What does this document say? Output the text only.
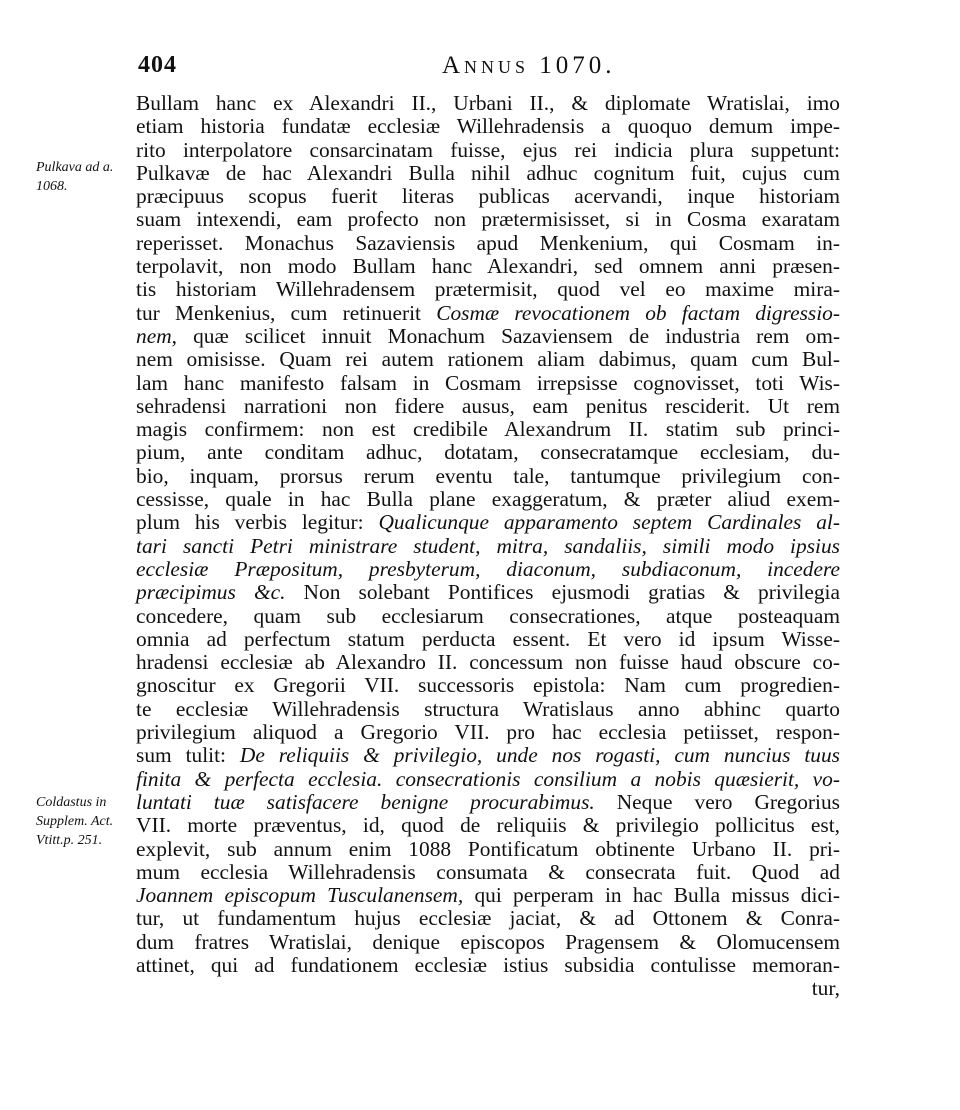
404	Annus 1070.
Pulkava ad a.
1068.
Coldastus in
Supplem. Act.
Vtitt.p. 251.
Bullam hanc ex Alexandri II., Urbani II., & diplomate Wratislai, imo
etiam historia fundatæ ecclesiæ Willehradensis a quoquo demum impe-
rito interpolatore consarcinatam fuisse, ejus rei indicia plura suppetunt:
Pulkavæ de hac Alexandri Bulla nihil adhuc cognitum fuit, cujus cum
præcipuus scopus fuerit literas publicas acervandi, inque historiam
suam intexendi, eam profecto non prætermisisset, si in Cosma exaratam
reperisset. Monachus Sazaviensis apud Menkenium, qui Cosmam in-
terpolavit, non modo Bullam hanc Alexandri, sed omnem anni præsen-
tis historiam Willehradensem prætermisit, quod vel eo maxime mira-
tur Menkenius, cum retinuerit Cosmæ revocationem ob factam digressio-
nem, quæ scilicet innuit Monachum Sazaviensem de industria rem om-
nem omisisse. Quam rei autem rationem aliam dabimus, quam cum Bul-
lam hanc manifesto falsam in Cosmam irrepsisse cognovisset, toti Wis-
sehradensi narrationi non fidere ausus, eam penitus resciderit. Ut rem
magis confirmem: non est credibile Alexandrum II. statim sub princi-
pium, ante conditam adhuc, dotatam, consecratamque ecclesiam, du-
bio, inquam, prorsus rerum eventu tale, tantumque privilegium con-
cessisse, quale in hac Bulla plane exaggeratum, & præter aliud exem-
plum his verbis legitur: Qualicunque apparamento septem Cardinales al-
tari sancti Petri ministrare student, mitra, sandaliis, simili modo ipsius
ecclesiæ Præpositum, presbyterum, diaconum, subdiaconum, incedere
præcipimus &c. Non solebant Pontifices ejusmodi gratias & privilegia
concedere, quam sub ecclesiarum consecrationes, atque posteaquam
omnia ad perfectum statum perducta essent. Et vero id ipsum Wisse-
hradensi ecclesiæ ab Alexandro II. concessum non fuisse haud obscure co-
gnoscitur ex Gregorii VII. successoris epistola: Nam cum progredien-
te ecclesiæ Willehradensis structura Wratislaus anno abhinc quarto
privilegium aliquod a Gregorio VII. pro hac ecclesia petiisset, respon-
sum tulit: De reliquiis & privilegio, unde nos rogasti, cum nuncius tuus
finita & perfecta ecclesia. consecrationis consilium a nobis quæsierit, vo-
luntati tuæ satisfacere benigne procurabimus. Neque vero Gregorius
VII. morte præventus, id, quod de reliquiis & privilegio pollicitus est,
explevit, sub annum enim 1088 Pontificatum obtinente Urbano II. pri-
mum ecclesia Willehradensis consumata & consecrata fuit. Quod ad
Joannem episcopum Tusculanensem, qui perperam in hac Bulla missus dici-
tur, ut fundamentum hujus ecclesiæ jaciat, & ad Ottonem & Conra-
dum fratres Wratislai, denique episcopos Pragensem & Olomucensem
attinet, qui ad fundationem ecclesiæ istius subsidia contulisse memoran-
tur,
